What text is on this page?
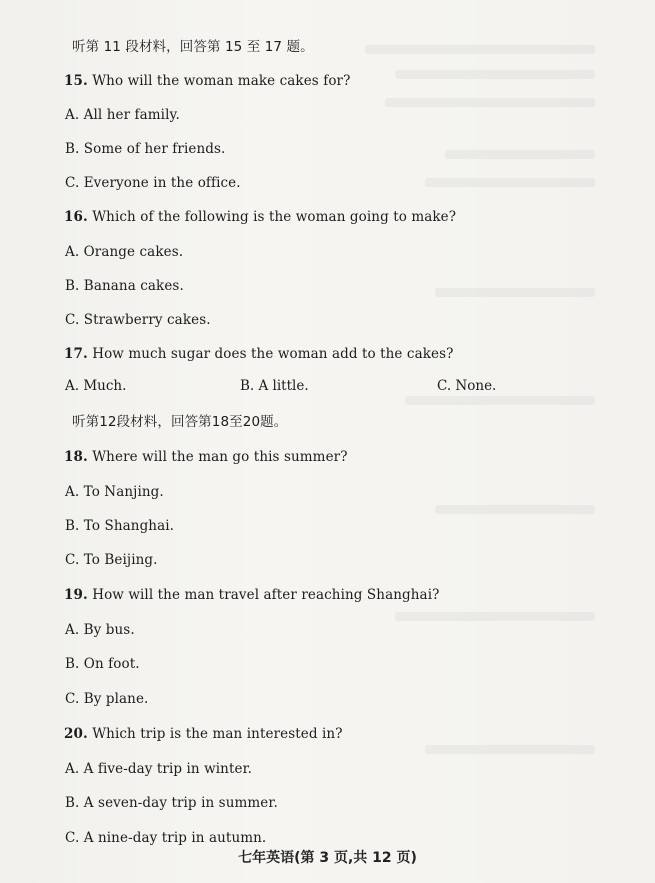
听第 11 段材料，回答第 15 至 17 题。
15. Who will the woman make cakes for?
A. All her family.
B. Some of her friends.
C. Everyone in the office.
16. Which of the following is the woman going to make?
A. Orange cakes.
B. Banana cakes.
C. Strawberry cakes.
17. How much sugar does the woman add to the cakes?
A. Much.	B. A little.	C. None.
听第12段材料，回答第18至20题。
18. Where will the man go this summer?
A. To Nanjing.
B. To Shanghai.
C. To Beijing.
19. How will the man travel after reaching Shanghai?
A. By bus.
B. On foot.
C. By plane.
20. Which trip is the man interested in?
A. A five-day trip in winter.
B. A seven-day trip in summer.
C. A nine-day trip in autumn.
七年英语(第 3 页,共 12 页)
